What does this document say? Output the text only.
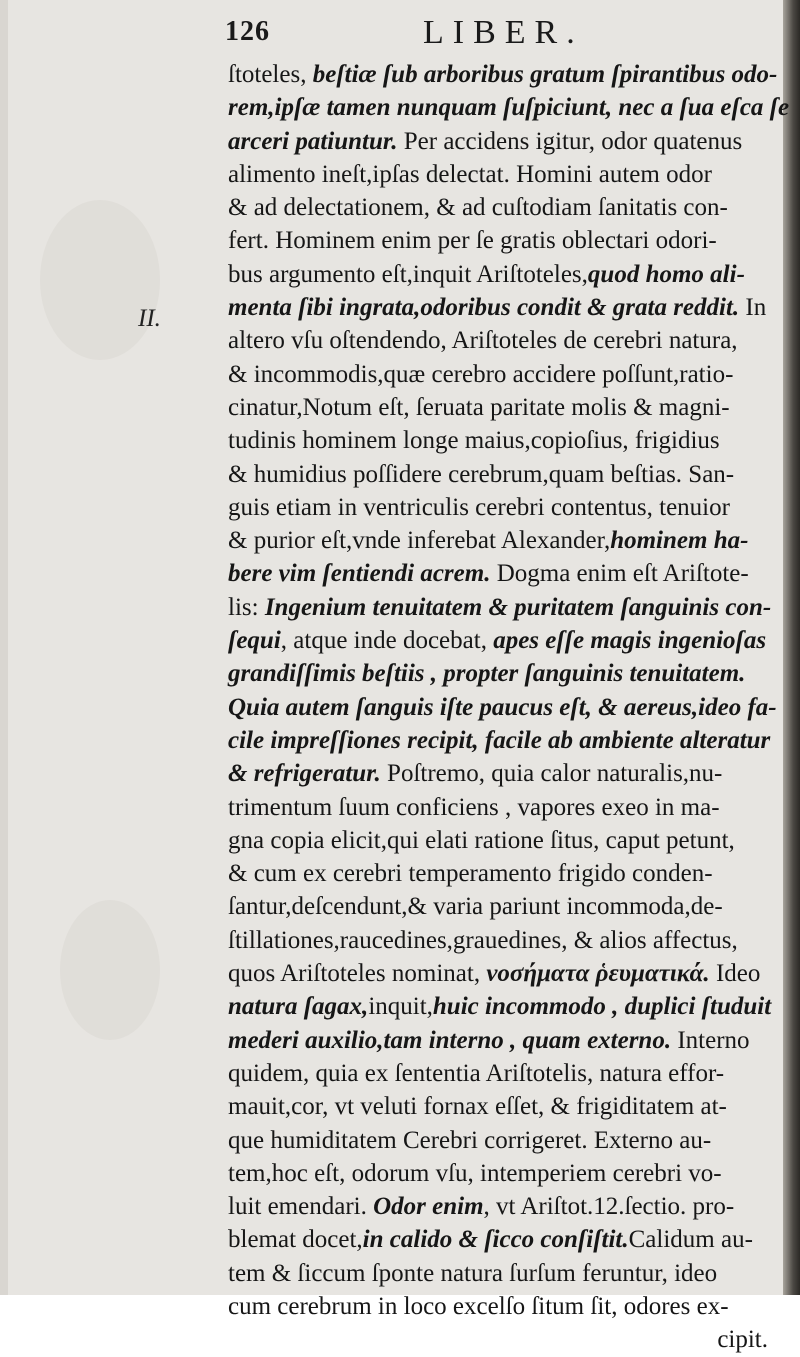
126	LIBER.
II.
ſtoteles, beſtiæ ſub arboribus gratum ſpirantibus odo-
rem,ipſæ tamen nunquam ſuſpiciunt, nec a ſua eſca ſe
arceri patiuntur. Per accidens igitur, odor quatenus
alimento ineſt,ipſas delectat. Homini autem odor
& ad delectationem, & ad cuſtodiam ſanitatis con-
fert. Hominem enim per ſe gratis oblectari odori-
bus argumento eſt,inquit Ariſtoteles,quod homo ali-
menta ſibi ingrata,odoribus condit & grata reddit. In
altero vſu oſtendendo, Ariſtoteles de cerebri natura,
& incommodis,quæ cerebro accidere poſſunt,ratio-
cinatur,Notum eſt, ſeruata paritate molis & magni-
tudinis hominem longe maius,copioſius, frigidius
& humidius poſſidere cerebrum,quam beſtias. San-
guis etiam in ventriculis cerebri contentus, tenuior
& purior eſt,vnde inferebat Alexander,hominem ha-
bere vim ſentiendi acrem. Dogma enim eſt Ariſtote-
lis: Ingenium tenuitatem & puritatem ſanguinis con-
ſequi, atque inde docebat, apes eſſe magis ingenioſas
grandiſſimis beſtiis , propter ſanguinis tenuitatem.
Quia autem ſanguis iſte paucus eſt, & aereus,ideo fa-
cile impreſſiones recipit, facile ab ambiente alteratur
& refrigeratur. Poſtremo, quia calor naturalis,nu-
trimentum ſuum conficiens , vapores exeo in ma-
gna copia elicit,qui elati ratione ſitus, caput petunt,
& cum ex cerebri temperamento frigido conden-
ſantur,deſcendunt,& varia pariunt incommoda,de-
ſtillationes,raucedines,grauedines, & alios affectus,
quos Ariſtoteles nominat, νοσήματα ῥευματικά. Ideo
natura ſagax,inquit,huic incommodo , duplici ſtuduit
mederi auxilio,tam interno , quam externo. Interno
quidem, quia ex ſententia Ariſtotelis, natura effor-
mauit,cor, vt veluti fornax eſſet, & frigiditatem at-
que humiditatem Cerebri corrigeret. Externo au-
tem,hoc eſt, odorum vſu, intemperiem cerebri vo-
luit emendari. Odor enim, vt Ariſtot.12.ſectio. pro-
blemat docet,in calido & ſicco conſiſtit.Calidum au-
tem & ſiccum ſponte natura ſurſum feruntur, ideo
cum cerebrum in loco excelſo ſitum ſit, odores ex-
cipit.
